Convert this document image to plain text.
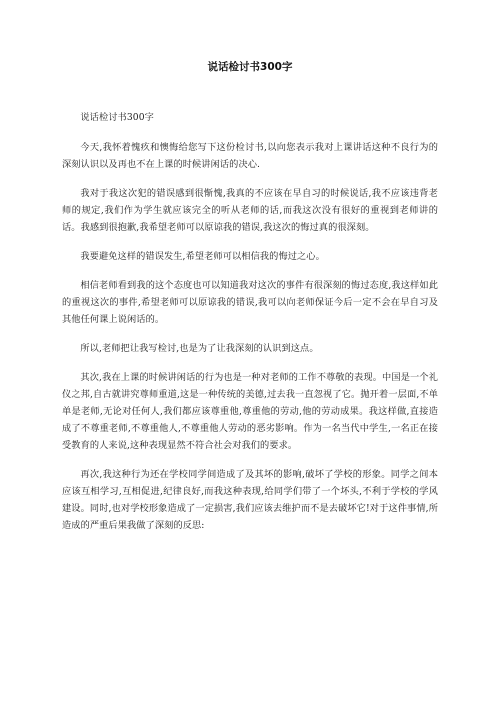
说话检讨书300字

说话检讨书300字

今天,我怀着愧疚和懊悔给您写下这份检讨书,以向您表示我对上课讲话这种不良行为的深刻认识以及再也不在上课的时候讲闲话的决心.

我对于我这次犯的错误感到很惭愧,我真的不应该在早自习的时候说话,我不应该违背老师的规定,我们作为学生就应该完全的听从老师的话,而我这次没有很好的重视到老师讲的话。我感到很抱歉,我希望老师可以原谅我的错误,我这次的悔过真的很深刻。

我要避免这样的错误发生,希望老师可以相信我的悔过之心。

相信老师看到我的这个态度也可以知道我对这次的事件有很深刻的悔过态度,我这样如此的重视这次的事件,希望老师可以原谅我的错误,我可以向老师保证今后一定不会在早自习及其他任何课上说闲话的。

所以,老师把让我写检讨,也是为了让我深刻的认识到这点。

其次,我在上课的时候讲闲话的行为也是一种对老师的工作不尊敬的表现。中国是一个礼仪之邦,自古就讲究尊师重道,这是一种传统的美德,过去我一直忽视了它。抛开着一层面,不单单是老师,无论对任何人,我们都应该尊重他,尊重他的劳动,他的劳动成果。我这样做,直接造成了不尊重老师,不尊重他人,不尊重他人劳动的恶劣影响。作为一名当代中学生,一名正在接受教育的人来说,这种表现显然不符合社会对我们的要求。

再次,我这种行为还在学校同学间造成了及其坏的影响,破坏了学校的形象。同学之间本应该互相学习,互相促进,纪律良好,而我这种表现,给同学们带了一个坏头,不利于学校的学风建设。同时,也对学校形象造成了一定损害,我们应该去维护而不是去破坏它!对于这件事情,所造成的严重后果我做了深刻的反思:
